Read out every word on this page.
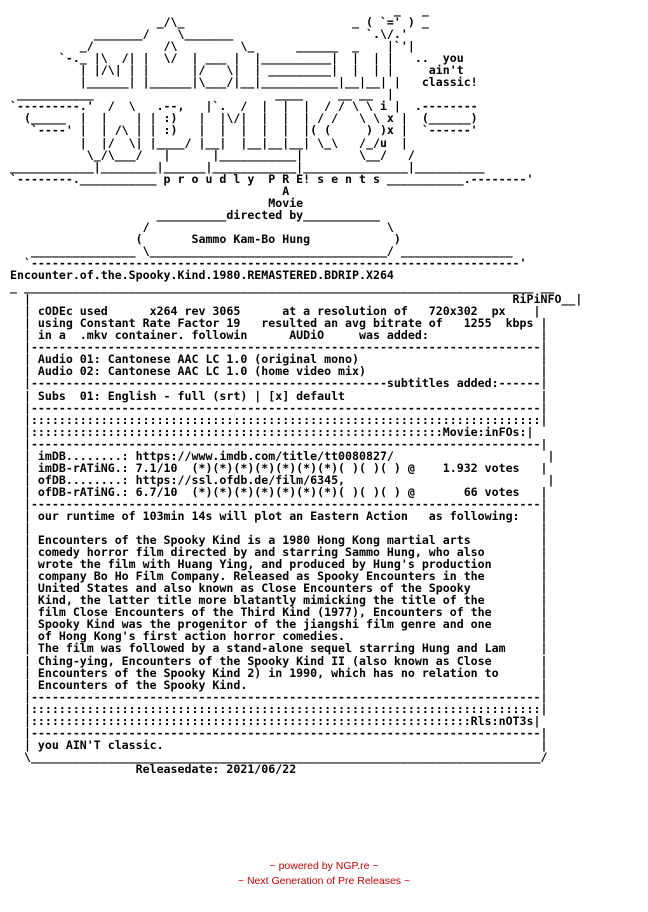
_   _
_/\_                        _ ( `=' ) _
_______/    \_______                   `.\/.'
_/          /\         \_      ______  _    |`'|
`-._ |\  /| |  \/  | ___ |  |__________|  |  | |   ..  you
| |/\| | |      |/   \|  | _________|  |  | |     ain't
|______| |______|\___/|__|___________|__|__| |   classic!
___________                          ____     __ __  |
`---------.'  /  \   .--,   |`.  /  |  |  |  / / \ \ i |  .--------
(_____  |  |    | | :)   |  |\/|  |  |  | / /   \ \ x |  (______)
`----' |  | /\ | | :)   |  |  |  |  |  |( (     ) )x |  `------'
|  |/  \| |____/ |__|  |__|__|__| \_\   /_/u  |
\_/\___/   |      |___________|        \__/   /
____________|________|______|____________|_______________|__________
`--------.___________ p r o u d l y  P R E! s e n t s ___________.--------'
A
Movie
__________directed by___________
/                                  \
(       Sammo Kam-Bo Hung            )
_______________ \__________________________________/ ________________
`----------------------------------------------------------------------'
Encounter.of.the.Spooky.Kind.1980.REMASTERED.BDRIP.X264
_ _________________________________________________________________________ __
|                                                                     RiPiNFO__|
| cODEc used      x264 rev 3065      at a resolution of   720x302  px    |
| using Constant Rate Factor 19   resulted an avg bitrate of   1255  kbps |
| in a  .mkv container. followin      AUDiO     was added:                |
|-------------------------------------------------------------------------|
| Audio 01: Cantonese AAC LC 1.0 (original mono)                          |
| Audio 02: Cantonese AAC LC 1.0 (home video mix)                         |
|---------------------------------------------------subtitles added:------|
| Subs  01: English - full (srt) | [x] default                            |
|-------------------------------------------------------------------------|
|:::::::::::::::::::::::::::::::::::::::::::::::::::::::::::::::::::::::::|
|:::::::::::::::::::::::::::::::::::::::::::::::::::::::::::Movie:inFOs:|
|-------------------------------------------------------------------------|
| imDB........: https://www.imdb.com/title/tt0080827/                      |
| imDB-rATiNG.: 7.1/10  (*)(*)(*)(*)(*)(*)(*)( )( )( ) @    1.932 votes   |
| ofDB........: https://ssl.ofdb.de/film/6345,                             |
| ofDB-rATiNG.: 6.7/10  (*)(*)(*)(*)(*)(*)(*)( )( )( ) @       66 votes   |
|-------------------------------------------------------------------------|
| our runtime of 103min 14s will plot an Eastern Action   as following:   |
|                                                                         |
| Encounters of the Spooky Kind is a 1980 Hong Kong martial arts          |
| comedy horror film directed by and starring Sammo Hung, who also        |
| wrote the film with Huang Ying, and produced by Hung's production       |
| company Bo Ho Film Company. Released as Spooky Encounters in the        |
| United States and also known as Close Encounters of the Spooky          |
| Kind, the latter title more blatantly mimicking the title of the        |
| film Close Encounters of the Third Kind (1977), Encounters of the       |
| Spooky Kind was the progenitor of the jiangshi film genre and one       |
| of Hong Kong's first action horror comedies.                            |
| The film was followed by a stand-alone sequel starring Hung and Lam     |
| Ching-ying, Encounters of the Spooky Kind II (also known as Close       |
| Encounters of the Spooky Kind 2) in 1990, which has no relation to      |
| Encounters of the Spooky Kind.                                          |
|-------------------------------------------------------------------------|
|:::::::::::::::::::::::::::::::::::::::::::::::::::::::::::::::::::::::::|
|:::::::::::::::::::::::::::::::::::::::::::::::::::::::::::::::Rls:nOT3s|
|-------------------------------------------------------------------------|
| you AIN'T classic.                                                      |
\_________________________________________________________________________/
Releasedate: 2021/06/22
~ powered by NGP.re ~
~ Next Generation of Pre Releases ~
